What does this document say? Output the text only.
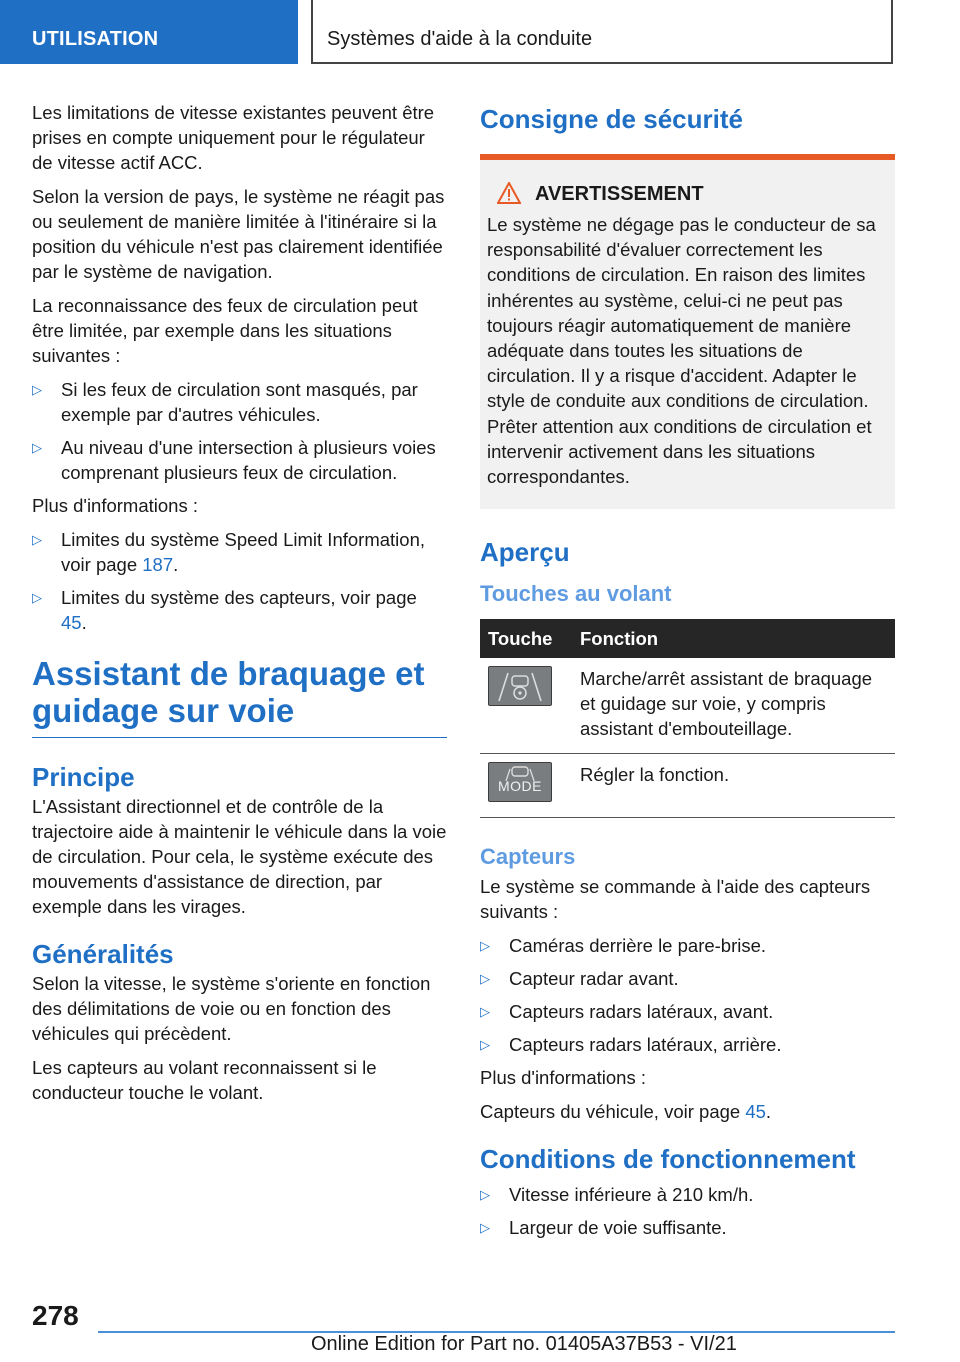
UTILISATION	Systèmes d'aide à la conduite

Les limitations de vitesse existantes peuvent être prises en compte uniquement pour le régulateur de vitesse actif ACC.

Selon la version de pays, le système ne réagit pas ou seulement de manière limitée à l'itinéraire si la position du véhicule n'est pas clairement identifiée par le système de navigation.

La reconnaissance des feux de circulation peut être limitée, par exemple dans les situations suivantes :

▷ Si les feux de circulation sont masqués, par exemple par d'autres véhicules.
▷ Au niveau d'une intersection à plusieurs voies comprenant plusieurs feux de circulation.

Plus d'informations :

▷ Limites du système Speed Limit Information, voir page 187.
▷ Limites du système des capteurs, voir page 45.
Assistant de braquage et guidage sur voie
Principe

L'Assistant directionnel et de contrôle de la trajectoire aide à maintenir le véhicule dans la voie de circulation. Pour cela, le système exécute des mouvements d'assistance de direction, par exemple dans les virages.

Généralités

Selon la vitesse, le système s'oriente en fonction des délimitations de voie ou en fonction des véhicules qui précèdent.

Les capteurs au volant reconnaissent si le conducteur touche le volant.

Consigne de sécurité
AVERTISSEMENT

Le système ne dégage pas le conducteur de sa responsabilité d'évaluer correctement les conditions de circulation. En raison des limites inhérentes au système, celui-ci ne peut pas toujours réagir automatiquement de manière adéquate dans toutes les situations de circulation. Il y a risque d'accident. Adapter le style de conduite aux conditions de circulation. Prêter attention aux conditions de circulation et intervenir activement dans les situations correspondantes.

Aperçu
Touches au volant
Touche	Fonction

	Marche/arrêt assistant de braquage et guidage sur voie, y compris assistant d'embouteillage.

MODE	Régler la fonction.
Capteurs

Le système se commande à l'aide des capteurs suivants :

▷ Caméras derrière le pare-brise.
▷ Capteur radar avant.
▷ Capteurs radars latéraux, avant.
▷ Capteurs radars latéraux, arrière.

Plus d'informations :

Capteurs du véhicule, voir page 45.

Conditions de fonctionnement
▷ Vitesse inférieure à 210 km/h.
▷ Largeur de voie suffisante.
278
Online Edition for Part no. 01405A37B53 - VI/21
